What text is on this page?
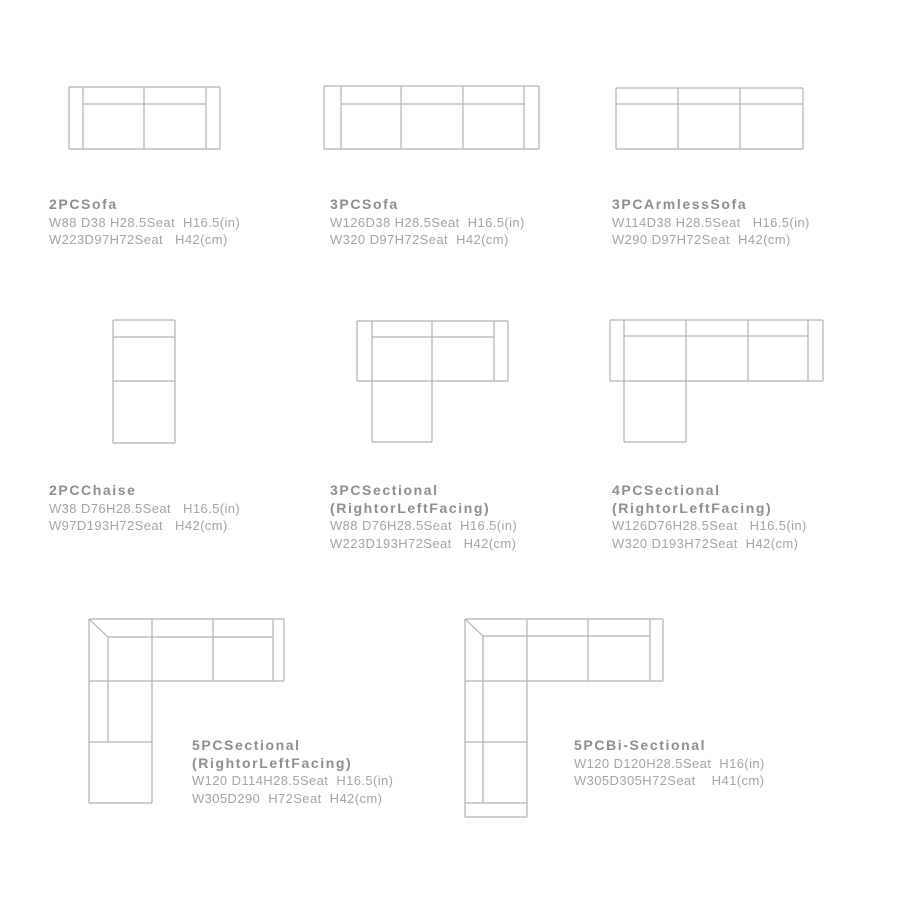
2PCSofa
W88 D38 H28.5Seat  H16.5(in)
W223D97H72Seat   H42(cm)
3PCSofa
W126D38 H28.5Seat  H16.5(in)
W320 D97H72Seat  H42(cm)
3PCArmlessSofa
W114D38 H28.5Seat   H16.5(in)
W290 D97H72Seat  H42(cm)
2PCChaise
W38 D76H28.5Seat   H16.5(in)
W97D193H72Seat   H42(cm)
3PCSectional
(RightorLeftFacing)
W88 D76H28.5Seat  H16.5(in)
W223D193H72Seat   H42(cm)
4PCSectional
(RightorLeftFacing)
W126D76H28.5Seat   H16.5(in)
W320 D193H72Seat  H42(cm)
5PCSectional
(RightorLeftFacing)
W120 D114H28.5Seat  H16.5(in)
W305D290  H72Seat  H42(cm)
5PCBi-Sectional
W120 D120H28.5Seat  H16(in)
W305D305H72Seat    H41(cm)
